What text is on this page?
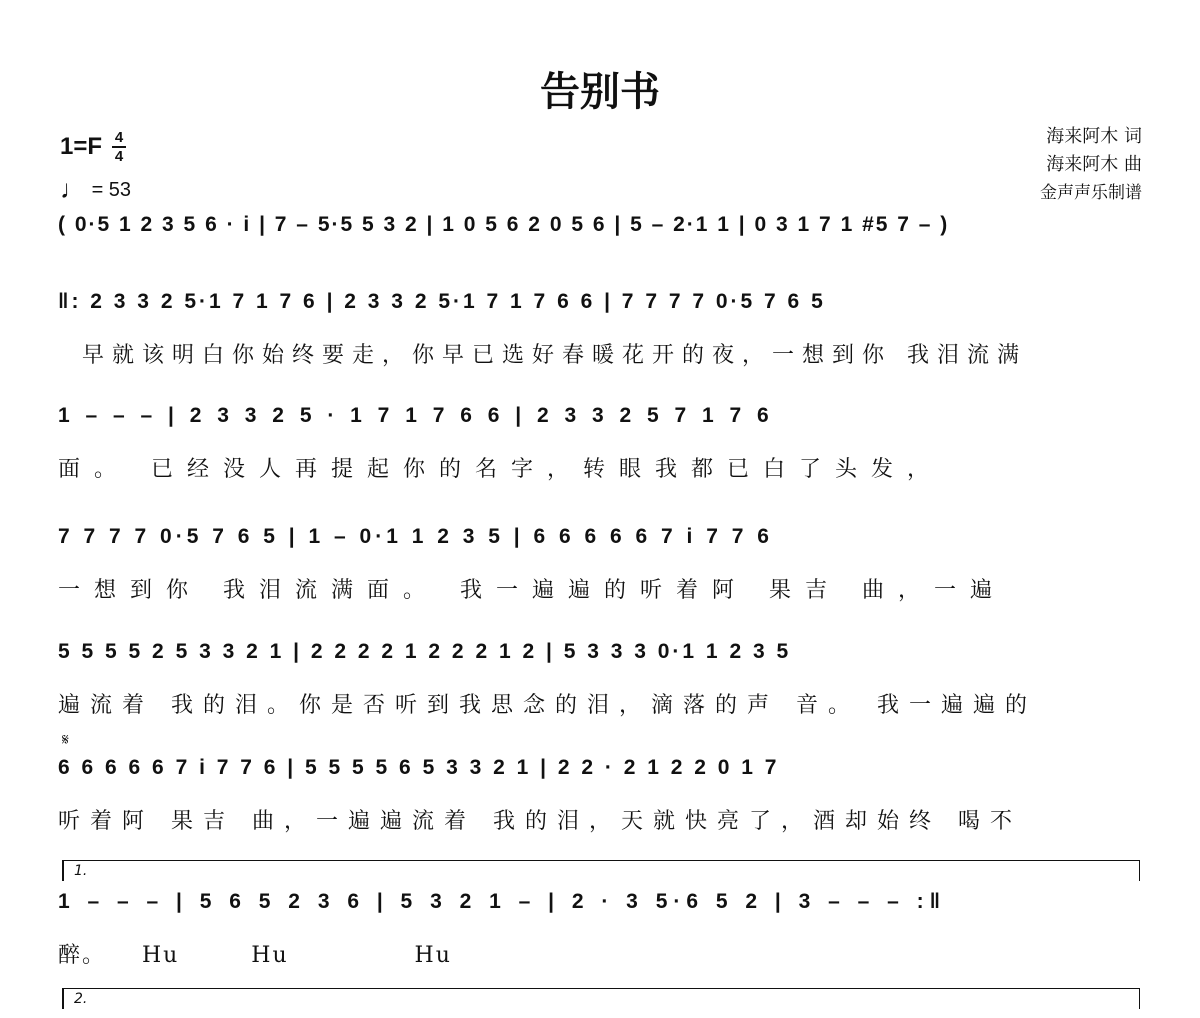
告别书
1=F 4
4
♩ = 53
海来阿木 词
海来阿木 曲
金声声乐制谱
( 0·5 1 2 3 5 6 · i | 7 – 5·5 5 3 2 | 1 0 5 6 2 0 5 6 | 5 – 2·1 1 | 0 3 1 7 1 #5 7 – )
‖: 2 3 3 2 5·1 7 1 7 6 | 2 3 3 2 5·1 7 1 7 6 6 | 7 7 7 7 0·5 7 6 5
早就该明白你始终要走，你早已选好春暖花开的夜，一想到你 我泪流满
1 – – – | 2 3 3 2 5 · 1 7 1 7 6 6 | 2 3 3 2 5 7 1 7 6
面。 已经没人再提起你的名字，转眼我都已白了头发，
7 7 7 7 0·5 7 6 5 | 1 – 0·1 1 2 3 5 | 6 6 6 6 6 7 i 7 7 6
一想到你 我泪流满面。 我一遍遍的听着阿 果吉 曲，一遍
5 5 5 5 2 5 3 3 2 1 | 2 2 2 2 1 2 2 2 1 2 | 5 3 3 3 0·1 1 2 3 5
遍流着 我的泪。你是否听到我思念的泪，滴落的声 音。 我一遍遍的
𝄋
6 6 6 6 6 7 i 7 7 6 | 5 5 5 5 6 5 3 3 2 1 | 2 2 · 2 1 2 2 0 1 7
听着阿 果吉 曲，一遍遍流着 我的泪，天就快亮了，酒却始终 喝不
1.
1 – – – | 5 6 5 2 3 6 | 5 3 2 1 – | 2 · 3 5·6 5 2 | 3 – – – :‖
醉。    Hu        Hu              Hu
2.
